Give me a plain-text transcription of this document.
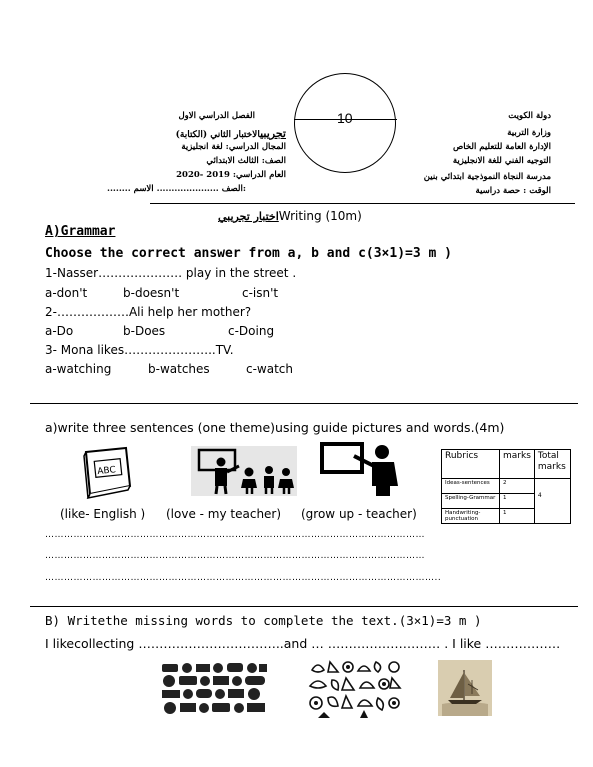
دولة الكويت
وزارة التربية
الإدارة العامة للتعليم الخاص
التوجيه الفني للغة الانجليزية
مدرسة النجاة النموذجية ابتدائي بنين
الوقت : حصة دراسية
الفصل الدراسي الاول
تجريبيالاختبار الثاني (الكتابة)
المجال الدراسي: لغة انجليزية
الصف: الثالث الابتدائي
العام الدراسي: 2019 -2020
........	الصف ..................... الاسم:
10
اختبار تجريبيWriting (10m)
A)Grammar
Choose the correct answer from a, b and c(3×1)=3 m )
1-Nasser………………… play in the street .
a-don't	b-doesn't	c-isn't
2-………………Ali help her mother?
a-Do	b-Does	c-Doing
3- Mona likes…………………..TV.
a-watching	b-watches	c-watch
a)write three sentences (one theme)using guide pictures and words.(4m)
ABC
(like- English ) (love - my teacher) (grow up - teacher)
…………………………………………………………………………………………………………
…………………………………………………………………………………………………………
……………………………………………………………………………………………………………..
Rubrics	marks	Total marks
Ideas-sentences	2	4
Spelling-Grammar	1	
Handwriting-punctuation	1	
B) Writethe missing words to complete the text.(3×1)=3 m )
I likecollecting ……………………………..and … ……………………… . I like ………………
